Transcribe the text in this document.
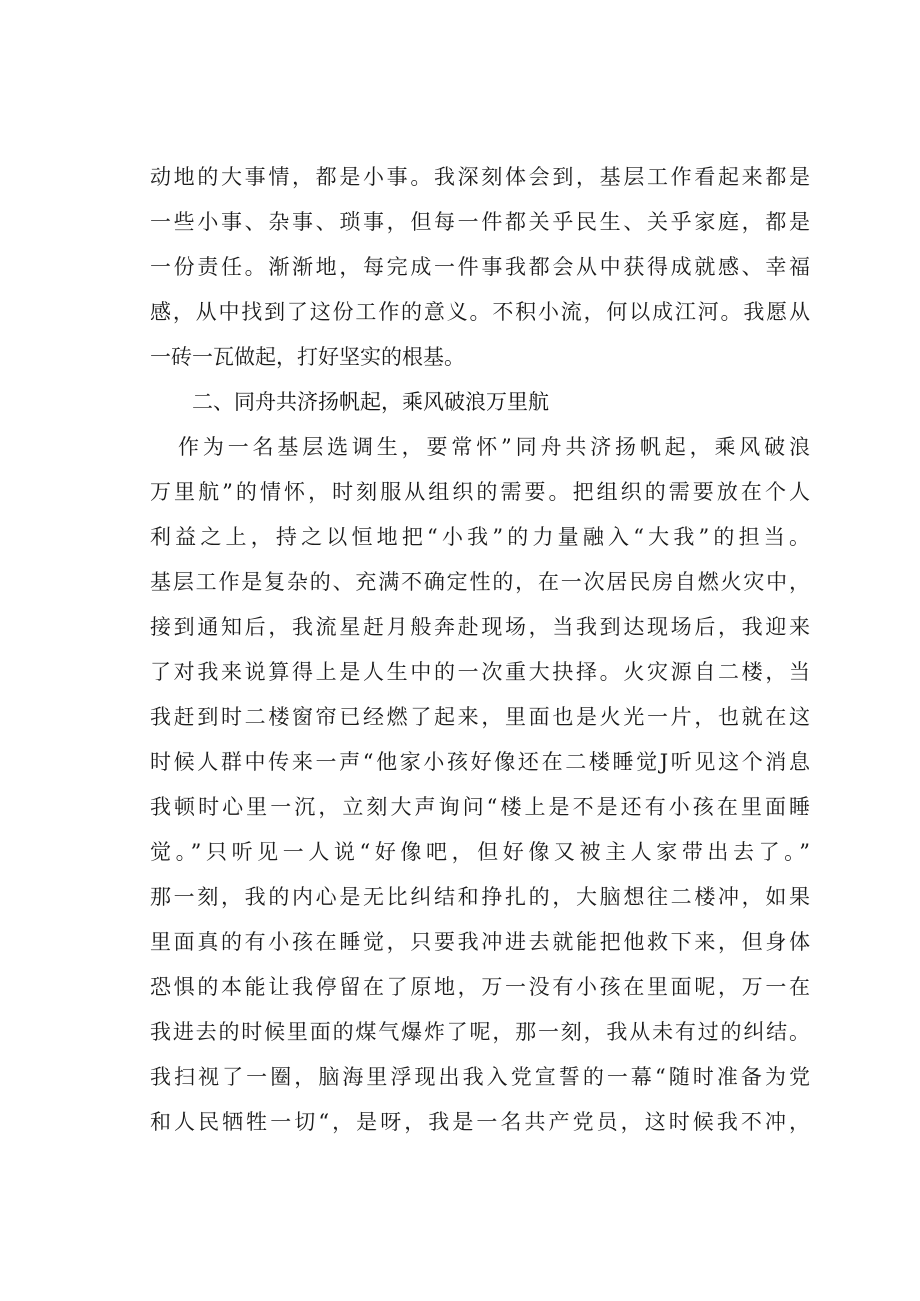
动地的大事情，都是小事。我深刻体会到，基层工作看起来都是
一些小事、杂事、琐事，但每一件都关乎民生、关乎家庭，都是
一份责任。渐渐地，每完成一件事我都会从中获得成就感、幸福
感，从中找到了这份工作的意义。不积小流，何以成江河。我愿从
一砖一瓦做起，打好坚实的根基。
二、同舟共济扬帆起，乘风破浪万里航
作为一名基层选调生，要常怀”同舟共济扬帆起，乘风破浪
万里航”的情怀，时刻服从组织的需要。把组织的需要放在个人
利益之上，持之以恒地把“小我”的力量融入“大我”的担当。
基层工作是复杂的、充满不确定性的，在一次居民房自燃火灾中，
接到通知后，我流星赶月般奔赴现场，当我到达现场后，我迎来
了对我来说算得上是人生中的一次重大抉择。火灾源自二楼，当
我赶到时二楼窗帘已经燃了起来，里面也是火光一片，也就在这
时候人群中传来一声“他家小孩好像还在二楼睡觉J听见这个消息
我顿时心里一沉，立刻大声询问“楼上是不是还有小孩在里面睡
觉。”只听见一人说“好像吧，但好像又被主人家带出去了。”
那一刻，我的内心是无比纠结和挣扎的，大脑想往二楼冲，如果
里面真的有小孩在睡觉，只要我冲进去就能把他救下来，但身体
恐惧的本能让我停留在了原地，万一没有小孩在里面呢，万一在
我进去的时候里面的煤气爆炸了呢，那一刻，我从未有过的纠结。
我扫视了一圈，脑海里浮现出我入党宣誓的一幕“随时准备为党
和人民牺牲一切“，是呀，我是一名共产党员，这时候我不冲，
